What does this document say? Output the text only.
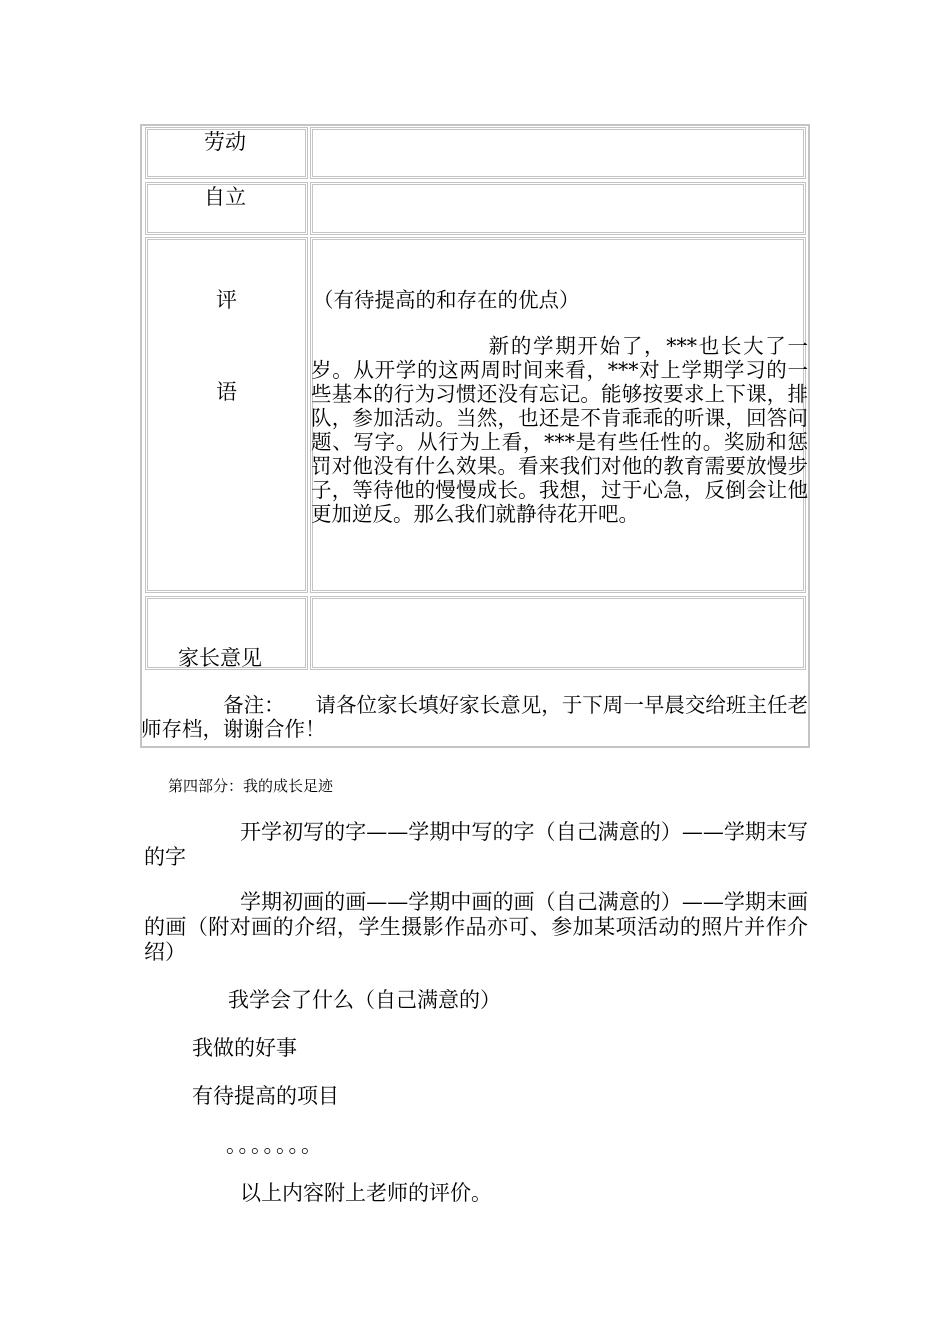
劳动
自立
评
语
家长意见
（有待提高的和存在的优点）
　　　　　　　　新的学期开始了，***也长大了一岁。从开学的这两周时间来看，***对上学期学习的一些基本的行为习惯还没有忘记。能够按要求上下课，排队，参加活动。当然，也还是不肯乖乖的听课，回答问题、写字。从行为上看，***是有些任性的。奖励和惩罚对他没有什么效果。看来我们对他的教育需要放慢步子，等待他的慢慢成长。我想，过于心急，反倒会让他更加逆反。那么我们就静待花开吧。
　　　　备注：　　 请各位家长填好家长意见，于下周一早晨交给班主任老师存档，谢谢合作！
第四部分：我的成长足迹
开学初写的字——学期中写的字（自己满意的）——学期末写的字
学期初画的画——学期中画的画（自己满意的）——学期末画的画（附对画的介绍，学生摄影作品亦可、参加某项活动的照片并作介绍）
我学会了什么（自己满意的）
我做的好事
有待提高的项目
。。。。。。。
以上内容附上老师的评价。
